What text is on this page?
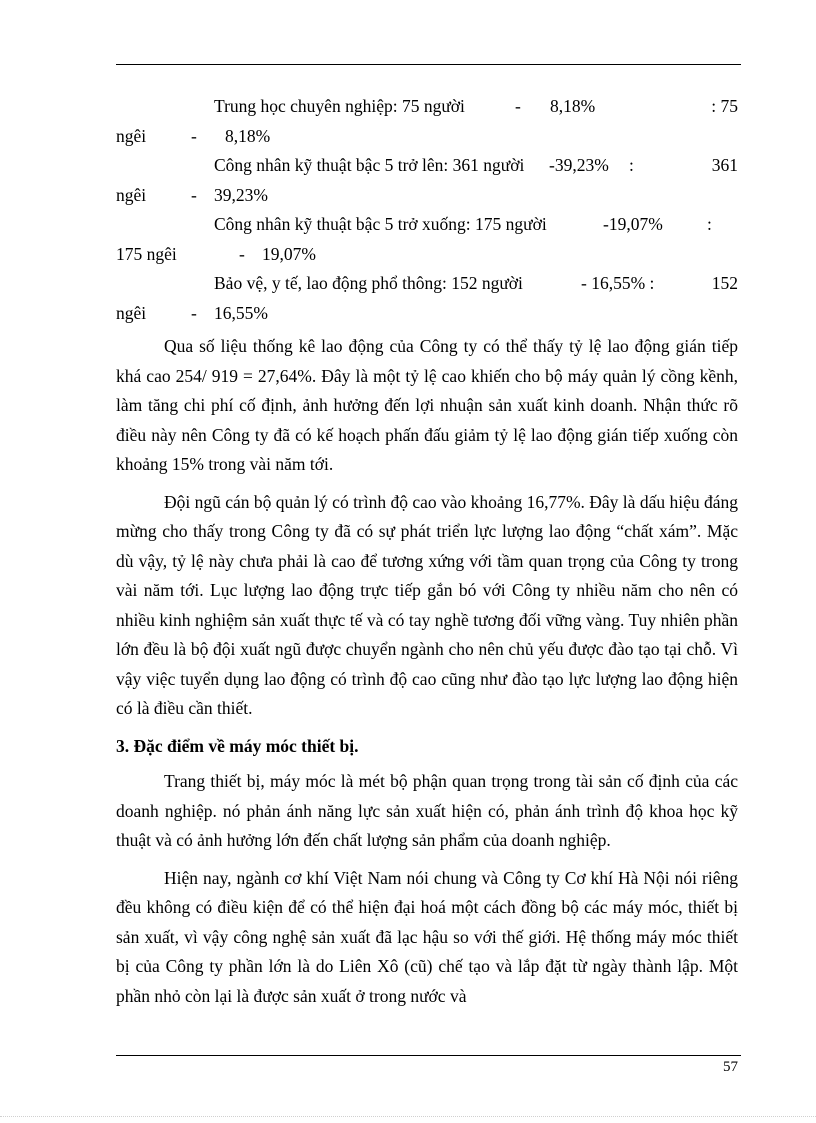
Trung học chuyên nghiệp: 75 người	- 8,18%	: 75
ngêi	- 8,18%
Công nhân kỹ thuật bậc 5 trở lên: 361 người -39,23% :	361
ngêi	- 39,23%
Công nhân kỹ thuật bậc 5 trở xuống: 175 người	-19,07%	:
175 ngêi	- 19,07%
Bảo vệ, y tế, lao động phổ thông: 152 người	- 16,55% :	152
ngêi	- 16,55%

Qua số liệu thống kê lao động của Công ty có thể thấy tỷ lệ lao động gián tiếp khá cao 254/ 919 = 27,64%. Đây là một tỷ lệ cao khiến cho bộ máy quản lý cồng kềnh, làm tăng chi phí cố định, ảnh hưởng đến lợi nhuận sản xuất kinh doanh. Nhận thức rõ điều này nên Công ty đã có kế hoạch phấn đấu giảm tỷ lệ lao động gián tiếp xuống còn khoảng 15% trong vài năm tới.

Đội ngũ cán bộ quản lý có trình độ cao vào khoảng 16,77%. Đây là dấu hiệu đáng mừng cho thấy trong Công ty đã có sự phát triển lực lượng lao động “chất xám”. Mặc dù vậy, tỷ lệ này chưa phải là cao để tương xứng với tầm quan trọng của Công ty trong vài năm tới. Lục lượng lao động trực tiếp gắn bó với Công ty nhiều năm cho nên có nhiều kinh nghiệm sản xuất thực tế và có tay nghề tương đối vững vàng. Tuy nhiên phần lớn đều là bộ đội xuất ngũ được chuyển ngành cho nên chủ yếu được đào tạo tại chỗ. Vì vậy việc tuyển dụng lao động có trình độ cao cũng như đào tạo lực lượng lao động hiện có là điều cần thiết.

3. Đặc điểm về máy móc thiết bị.

Trang thiết bị, máy móc là mét bộ phận quan trọng trong tài sản cố định của các doanh nghiệp. nó phản ánh năng lực sản xuất hiện có, phản ánh trình độ khoa học kỹ thuật và có ảnh hưởng lớn đến chất lượng sản phẩm của doanh nghiệp.

Hiện nay, ngành cơ khí Việt Nam nói chung và Công ty Cơ khí Hà Nội nói riêng đều không có điều kiện để có thể hiện đại hoá một cách đồng bộ các máy móc, thiết bị sản xuất, vì vậy công nghệ sản xuất đã lạc hậu so với thế giới. Hệ thống máy móc thiết bị của Công ty phần lớn là do Liên Xô (cũ) chế tạo và lắp đặt từ ngày thành lập. Một phần nhỏ còn lại là được sản xuất ở trong nước và

57
